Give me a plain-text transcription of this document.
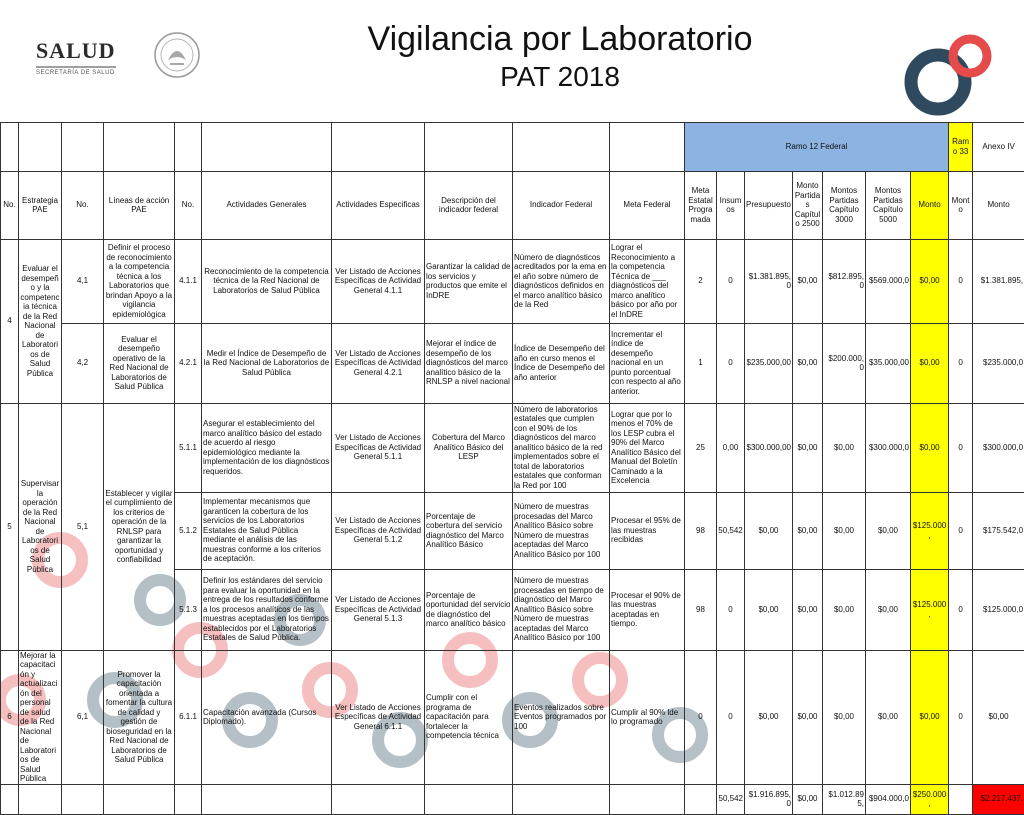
SALUD
SECRETARÍA DE SALUD
Vigilancia por Laboratorio
PAT 2018
										Ramo 12 Federal							Ramo 33	Anexo IV	
No.	Estrategia PAE	No.	Líneas de acción PAE	No.	Actividades Generales	Actividades Especificas	Descripción del indicador federal	Indicador Federal	Meta Federal	Meta Estatal Programada	Insumos	Presupuesto	Monto Partidas Capítulo 2500	Montos Partidas Capítulo 3000	Montos Partidas Capítulo 5000	Monto	Monto	Monto	
4	Evaluar el desempeño y la competencia técnica de la Red Nacional de Laboratorios de Salud Pública	4,1	Definir el proceso de reconocimiento a la competencia técnica a los Laboratorios que brindan Apoyo a la vigilancia epidemiológica	4.1.1	Reconocimiento de la competencia técnica de la Red Nacional de Laboratorios de Salud Pública	Ver Listado de Acciones Específicas de Actividad General 4.1.1	Garantizar la calidad de los servicios y productos que emite el InDRE	Número de diagnósticos acreditados por la ema en el año sobre número de diagnósticos definidos en el marco analítico básico de la Red	Lograr el Reconocimiento a la competencia Técnica de ___ diagnósticos del marco analítico básico por año por el InDRE	2	0	$1.381.895,0	$0,00	$812.895,0	$569.000,0	$0,00	0	$1.381.895,	
		4,2	Evaluar el desempeño operativo de la Red Nacional de Laboratorios de Salud Pública	4.2.1	Medir el Índice de Desempeño de la Red Nacional de Laboratorios de Salud Pública	Ver Listado de Acciones Específicas de Actividad General 4.2.1	Mejorar el índice de desempeño de los diagnósticos del marco analítico básico de la RNLSP a nivel nacional	Índice de Desempeño del año en curso menos el Índice de Desempeño del año anterior	Incrementar el índice de desempeño nacional en un punto porcentual con respecto al año anterior.	1	0	$235.000,00	$0,00	$200.000,0	$35.000,00	$0,00	0	$235.000,0	
5	Supervisar la operación de la Red Nacional de Laboratorios de Salud Pública	5,1	Establecer y vigilar el cumplimiento de los criterios de operación de la RNLSP para garantizar la oportunidad y confiabilidad	5.1.1	Asegurar el establecimiento del marco analítico básico del estado de acuerdo al riesgo epidemiológico mediante la implementación de los diagnósticos requeridos.	Ver Listado de Acciones Específicas de Actividad General 5.1.1	Cobertura del Marco Analítico Básico del LESP	Número de laboratorios estatales que cumplen con el 90% de los diagnósticos del marco analítico básico de la red implementados sobre el total de laboratorios estatales que conforman la Red por 100	Lograr que por lo menos el 70% de los LESP cubra el 90% del Marco Analítico Básico del Manual del Boletín Caminado a la Excelencia	25	0,00	$300.000,00	$0,00	$0,00	$300.000,0	$0,00	0	$300.000,0	
				5.1.2	Implementar mecanismos que garanticen la cobertura de los servicios de los Laboratorios Estatales de Salud Pública mediante el análisis de las muestras conforme a los criterios de aceptación.	Ver Listado de Acciones Específicas de Actividad General 5.1.2	Porcentaje de cobertura del servicio diagnóstico del Marco Analítico Básico	Número de muestras procesadas del Marco Analítico Básico sobre Número de muestras aceptadas del Marco Analítico Básico por 100	Procesar el 95% de las muestras recibidas	98	50,542	$0,00	$0,00	$0,00	$0,00	$125.000,	0	$175.542,0	
				5.1.3	Definir los estándares del servicio para evaluar la oportunidad en la entrega de los resultados conforme a los procesos analíticos de las muestras aceptadas en los tiempos establecidos por el Laboratorios Estatales de Salud Pública.	Ver Listado de Acciones Específicas de Actividad General 5.1.3	Porcentaje de oportunidad del servicio de diagnóstico del marco analítico básico	Número de muestras procesadas en tiempo de diagnóstico del Marco Analítico Básico sobre Número de muestras aceptadas del Marco Analítico Básico por 100	Procesar el 90% de las muestras aceptadas en tiempo.	98	0	$0,00	$0,00	$0,00	$0,00	$125.000,	0	$125.000,0	
6	Mejorar la capacitación y actualización del personal de salud de la Red Nacional de Laboratorios de Salud Pública	6,1	Promover la capacitación orientada a fomentar la cultura de calidad y gestión de bioseguridad en la Red Nacional de Laboratorios de Salud Pública	6.1.1	Capacitación avanzada (Cursos Diplomado).	Ver Listado de Acciones Específicas de Actividad General 6.1.1	Cumplir con el programa de capacitación para fortalecer la competencia técnica	Eventos realizados sobre Eventos programados por 100	Cumplir al 90% lde lo programado	0	0	$0,00	$0,00	$0,00	$0,00	$0,00	0	$0,00	
											50,542	$1.916.895,0	$0,00	$1.012.895,	$904.000,0	$250.000,		$2.217.437,	
